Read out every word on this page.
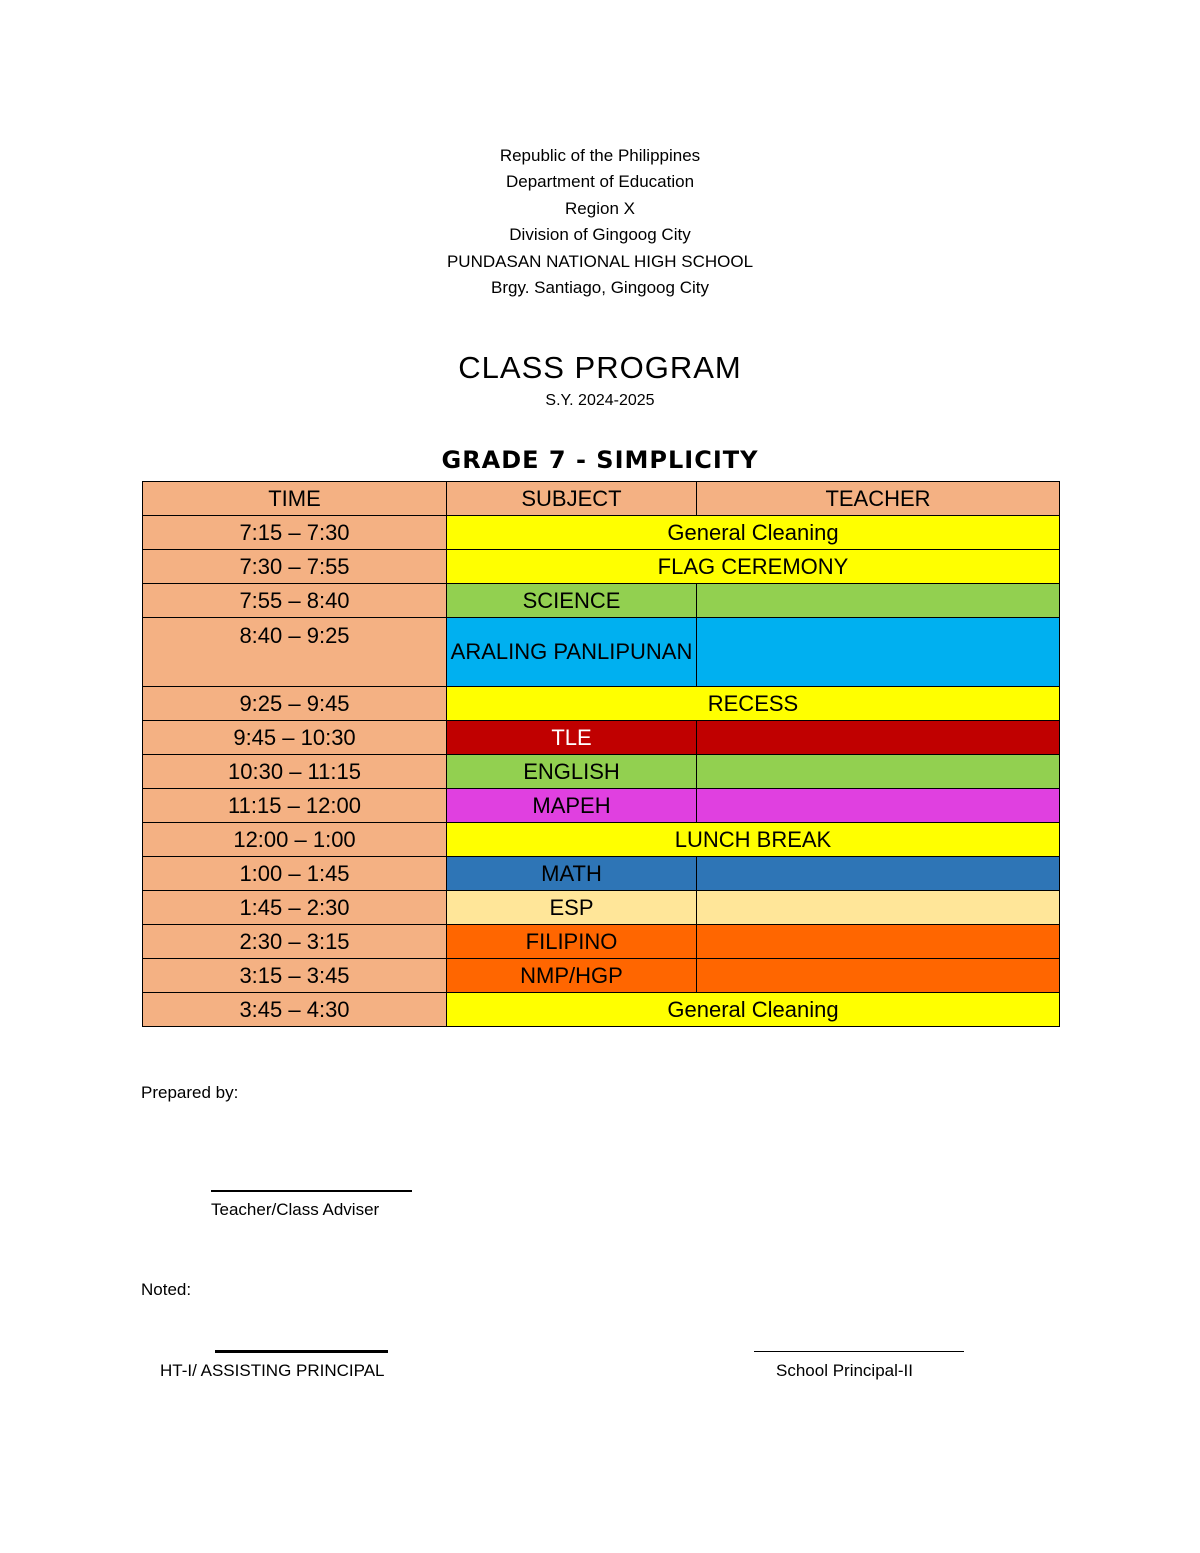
Republic of the Philippines
Department of Education
Region X
Division of Gingoog City
PUNDASAN NATIONAL HIGH SCHOOL
Brgy. Santiago, Gingoog City
CLASS PROGRAM
S.Y. 2024-2025
GRADE 7 - SIMPLICITY
TIME	SUBJECT	TEACHER
7:15 – 7:30	General Cleaning	
7:30 – 7:55	FLAG CEREMONY	
7:55 – 8:40	SCIENCE	
8:40 – 9:25	ARALING PANLIPUNAN	
9:25 – 9:45	RECESS	
9:45 – 10:30	TLE	
10:30 – 11:15	ENGLISH	
11:15 – 12:00	MAPEH	
12:00 – 1:00	LUNCH BREAK	
1:00 – 1:45	MATH	
1:45 – 2:30	ESP	
2:30 – 3:15	FILIPINO	
3:15 – 3:45	NMP/HGP	
3:45 – 4:30	General Cleaning	
Prepared by:
Teacher/Class Adviser
Noted:
HT-I/ ASSISTING PRINCIPAL	School Principal-II
